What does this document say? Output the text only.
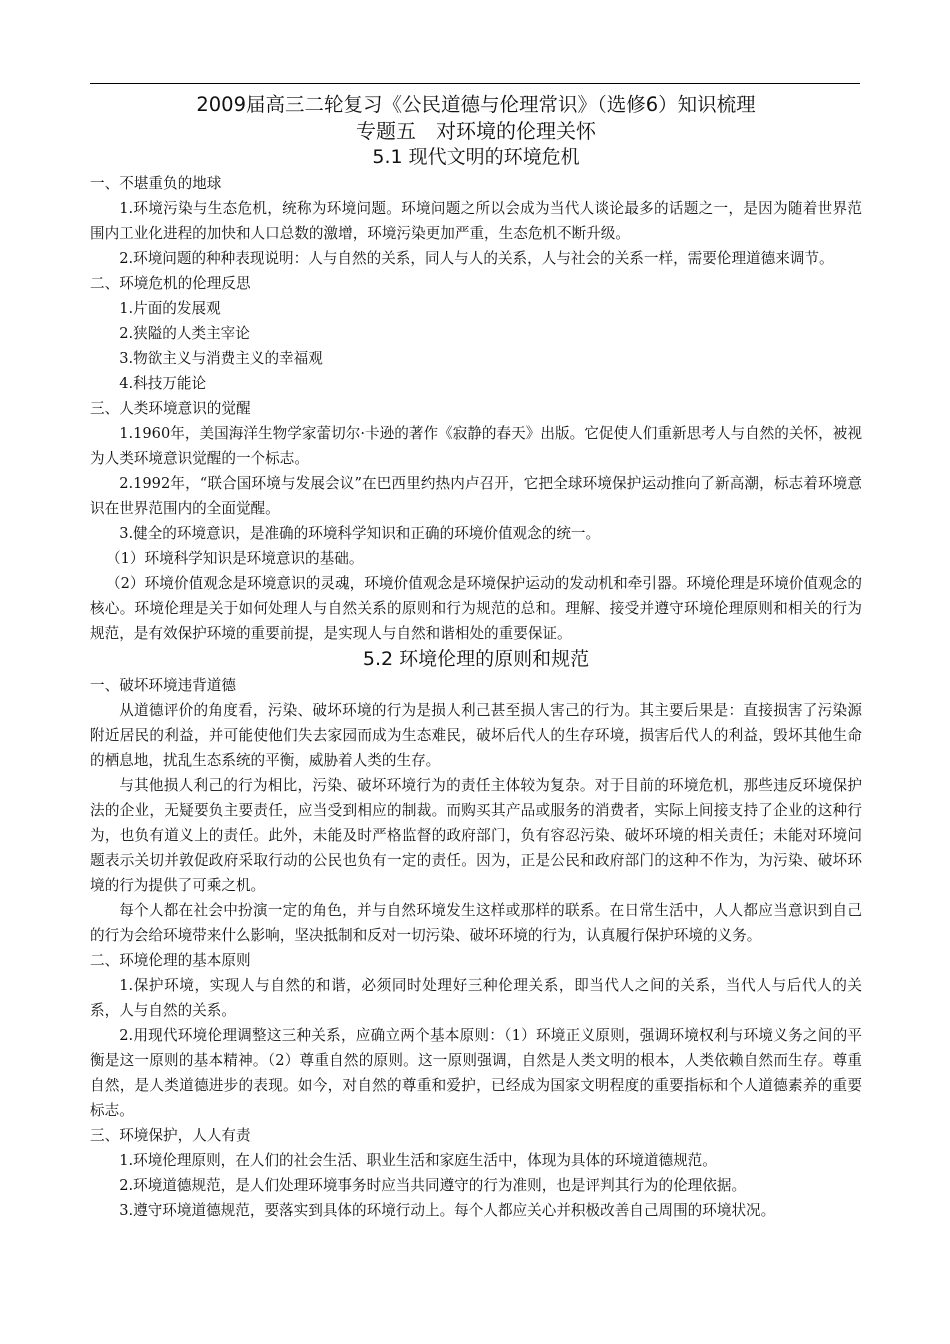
2009届高三二轮复习《公民道德与伦理常识》（选修6）知识梳理
专题五　对环境的伦理关怀
5.1 现代文明的环境危机
一、不堪重负的地球
1.环境污染与生态危机，统称为环境问题。环境问题之所以会成为当代人谈论最多的话题之一，是因为随着世界范围内工业化进程的加快和人口总数的激增，环境污染更加严重，生态危机不断升级。
2.环境问题的种种表现说明：人与自然的关系，同人与人的关系，人与社会的关系一样，需要伦理道德来调节。
二、环境危机的伦理反思
1.片面的发展观
2.狭隘的人类主宰论
3.物欲主义与消费主义的幸福观
4.科技万能论
三、人类环境意识的觉醒
1.1960年，美国海洋生物学家蕾切尔·卡逊的著作《寂静的春天》出版。它促使人们重新思考人与自然的关怀，被视为人类环境意识觉醒的一个标志。
2.1992年，“联合国环境与发展会议”在巴西里约热内卢召开，它把全球环境保护运动推向了新高潮，标志着环境意识在世界范围内的全面觉醒。
3.健全的环境意识，是准确的环境科学知识和正确的环境价值观念的统一。
（1）环境科学知识是环境意识的基础。
（2）环境价值观念是环境意识的灵魂，环境价值观念是环境保护运动的发动机和牵引器。环境伦理是环境价值观念的核心。环境伦理是关于如何处理人与自然关系的原则和行为规范的总和。理解、接受并遵守环境伦理原则和相关的行为规范，是有效保护环境的重要前提，是实现人与自然和谐相处的重要保证。
5.2 环境伦理的原则和规范
一、破坏环境违背道德
从道德评价的角度看，污染、破坏环境的行为是损人利己甚至损人害己的行为。其主要后果是：直接损害了污染源附近居民的利益，并可能使他们失去家园而成为生态难民，破坏后代人的生存环境，损害后代人的利益，毁坏其他生命的栖息地，扰乱生态系统的平衡，威胁着人类的生存。
与其他损人利己的行为相比，污染、破坏环境行为的责任主体较为复杂。对于目前的环境危机，那些违反环境保护法的企业，无疑要负主要责任，应当受到相应的制裁。而购买其产品或服务的消费者，实际上间接支持了企业的这种行为，也负有道义上的责任。此外，未能及时严格监督的政府部门，负有容忍污染、破坏环境的相关责任；未能对环境问题表示关切并敦促政府采取行动的公民也负有一定的责任。因为，正是公民和政府部门的这种不作为，为污染、破坏环境的行为提供了可乘之机。
每个人都在社会中扮演一定的角色，并与自然环境发生这样或那样的联系。在日常生活中，人人都应当意识到自己的行为会给环境带来什么影响，坚决抵制和反对一切污染、破坏环境的行为，认真履行保护环境的义务。
二、环境伦理的基本原则
1.保护环境，实现人与自然的和谐，必须同时处理好三种伦理关系，即当代人之间的关系，当代人与后代人的关系，人与自然的关系。
2.用现代环境伦理调整这三种关系，应确立两个基本原则：（1）环境正义原则，强调环境权利与环境义务之间的平衡是这一原则的基本精神。（2）尊重自然的原则。这一原则强调，自然是人类文明的根本，人类依赖自然而生存。尊重自然，是人类道德进步的表现。如今，对自然的尊重和爱护，已经成为国家文明程度的重要指标和个人道德素养的重要标志。
三、环境保护，人人有责
1.环境伦理原则，在人们的社会生活、职业生活和家庭生活中，体现为具体的环境道德规范。
2.环境道德规范，是人们处理环境事务时应当共同遵守的行为准则，也是评判其行为的伦理依据。
3.遵守环境道德规范，要落实到具体的环境行动上。每个人都应关心并积极改善自己周围的环境状况。
